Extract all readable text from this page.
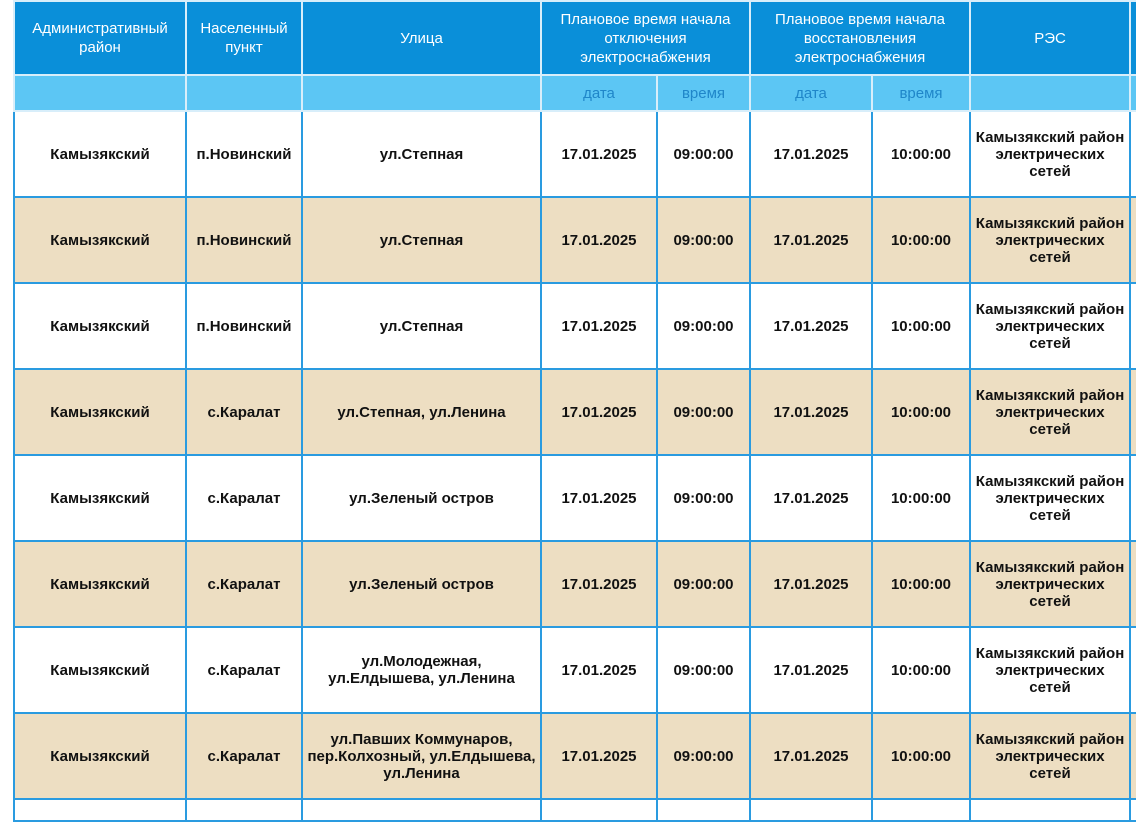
Административный район	Населенный пункт	Улица	Плановое время начала отключения электроснабжения		Плановое время начала восстановления электроснабжения		РЭС	
			дата	время	дата	время		
Камызякский	п.Новинский	ул.Степная	17.01.2025	09:00:00	17.01.2025	10:00:00	Камызякский район электрических сетей	
Камызякский	п.Новинский	ул.Степная	17.01.2025	09:00:00	17.01.2025	10:00:00	Камызякский район электрических сетей	
Камызякский	п.Новинский	ул.Степная	17.01.2025	09:00:00	17.01.2025	10:00:00	Камызякский район электрических сетей	
Камызякский	с.Каралат	ул.Степная, ул.Ленина	17.01.2025	09:00:00	17.01.2025	10:00:00	Камызякский район электрических сетей	
Камызякский	с.Каралат	ул.Зеленый остров	17.01.2025	09:00:00	17.01.2025	10:00:00	Камызякский район электрических сетей	
Камызякский	с.Каралат	ул.Зеленый остров	17.01.2025	09:00:00	17.01.2025	10:00:00	Камызякский район электрических сетей	
Камызякский	с.Каралат	ул.Молодежная, ул.Елдышева, ул.Ленина	17.01.2025	09:00:00	17.01.2025	10:00:00	Камызякский район электрических сетей	
Камызякский	с.Каралат	ул.Павших Коммунаров, пер.Колхозный, ул.Елдышева, ул.Ленина	17.01.2025	09:00:00	17.01.2025	10:00:00	Камызякский район электрических сетей	
